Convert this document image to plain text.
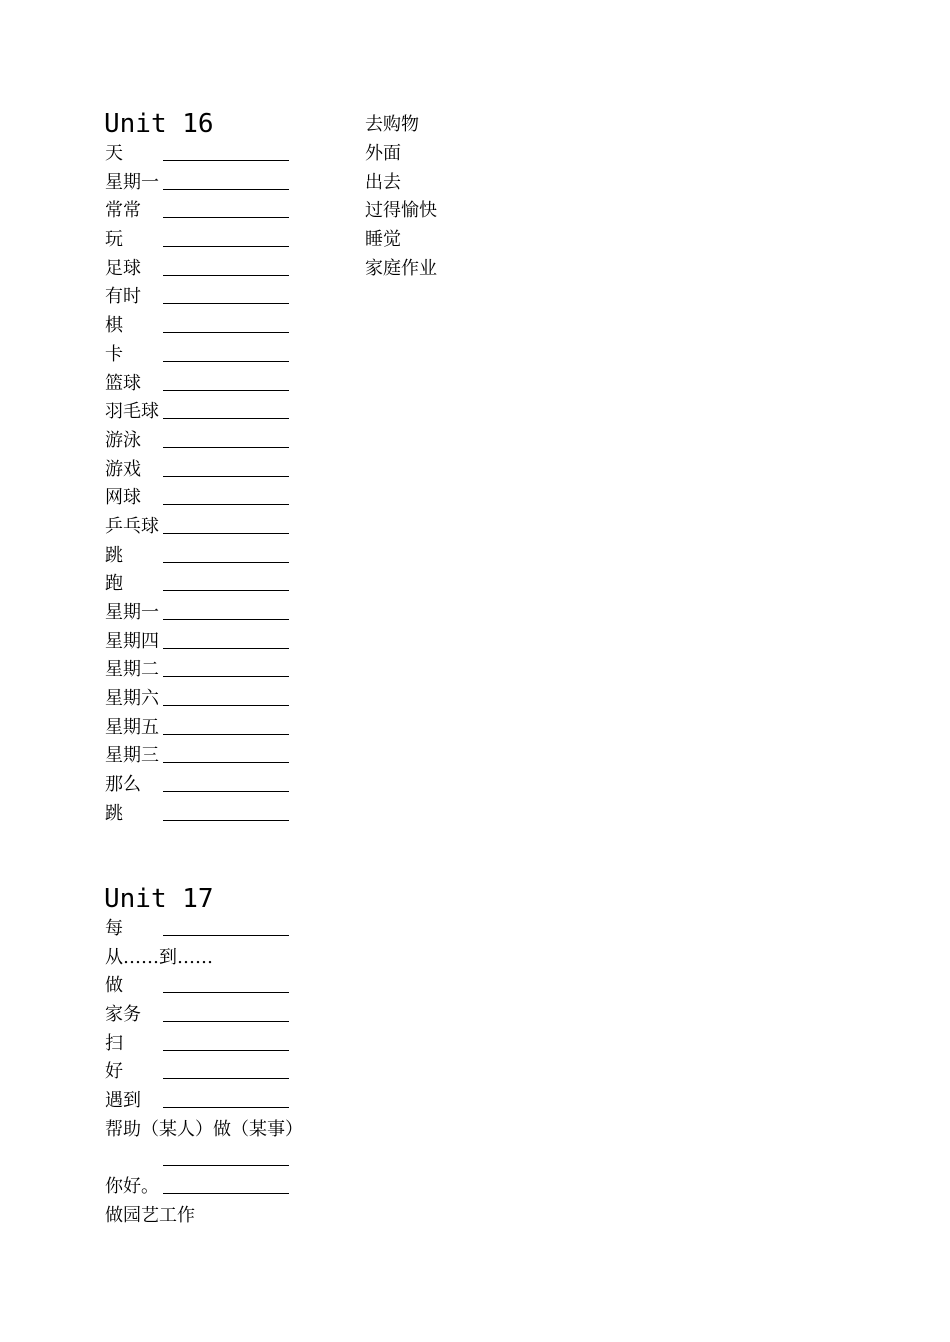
Unit 16
天
星期一
常常
玩
足球
有时
棋
卡
篮球
羽毛球
游泳
游戏
网球
乒乓球
跳
跑
星期一
星期四
星期二
星期六
星期五
星期三
那么
跳
去购物
外面
出去
过得愉快
睡觉
家庭作业
Unit 17
每
从……到……
做
家务
扫
好
遇到
帮助（某人）做（某事）
你好。
做园艺工作
